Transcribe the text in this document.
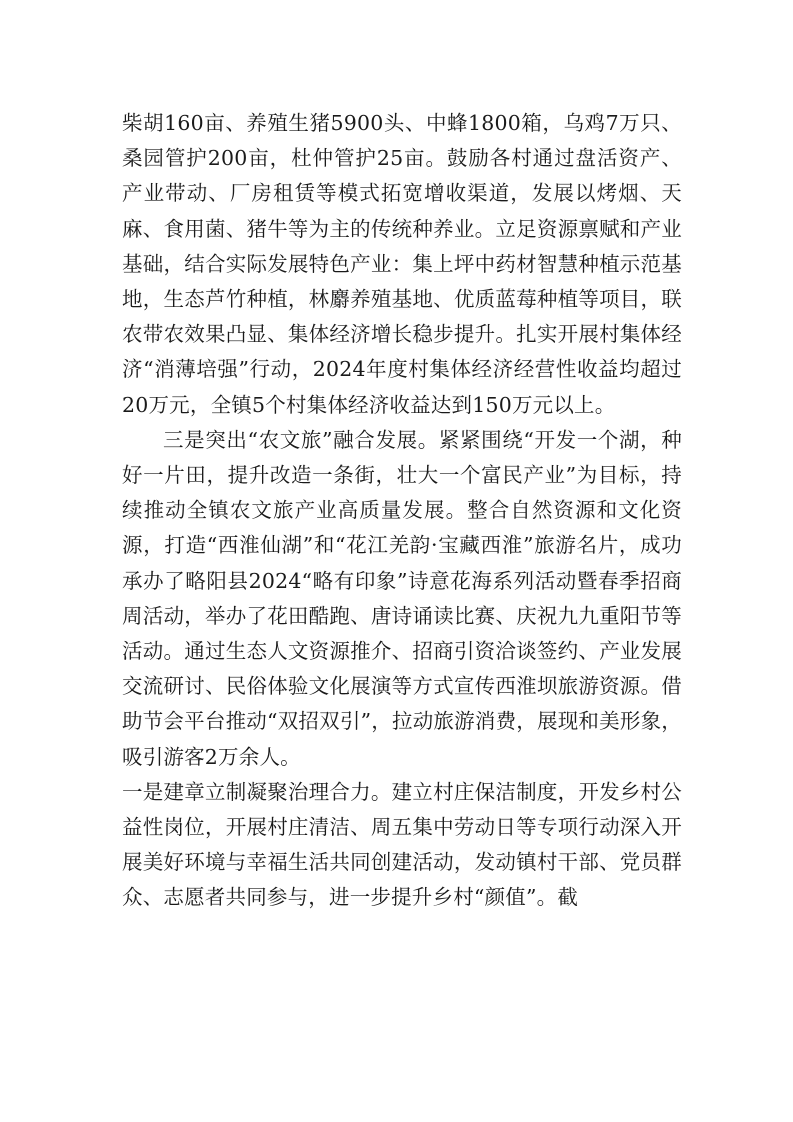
柴胡160亩、养殖生猪5900头、中蜂1800箱，乌鸡7万只、桑园管护200亩，杜仲管护25亩。鼓励各村通过盘活资产、产业带动、厂房租赁等模式拓宽增收渠道，发展以烤烟、天麻、食用菌、猪牛等为主的传统种养业。立足资源禀赋和产业基础，结合实际发展特色产业：集上坪中药材智慧种植示范基地，生态芦竹种植，林麝养殖基地、优质蓝莓种植等项目，联农带农效果凸显、集体经济增长稳步提升。扎实开展村集体经济“消薄培强”行动，2024年度村集体经济经营性收益均超过20万元，全镇5个村集体经济收益达到150万元以上。

三是突出“农文旅”融合发展。紧紧围绕“开发一个湖，种好一片田，提升改造一条街，壮大一个富民产业”为目标，持续推动全镇农文旅产业高质量发展。整合自然资源和文化资源，打造“西淮仙湖”和“花江羌韵·宝藏西淮”旅游名片，成功承办了略阳县2024“略有印象”诗意花海系列活动暨春季招商周活动，举办了花田酷跑、唐诗诵读比赛、庆祝九九重阳节等活动。通过生态人文资源推介、招商引资洽谈签约、产业发展交流研讨、民俗体验文化展演等方式宣传西淮坝旅游资源。借助节会平台推动“双招双引”，拉动旅游消费，展现和美形象，吸引游客2万余人。

一是建章立制凝聚治理合力。建立村庄保洁制度，开发乡村公益性岗位，开展村庄清洁、周五集中劳动日等专项行动深入开展美好环境与幸福生活共同创建活动，发动镇村干部、党员群众、志愿者共同参与，进一步提升乡村“颜值”。截
